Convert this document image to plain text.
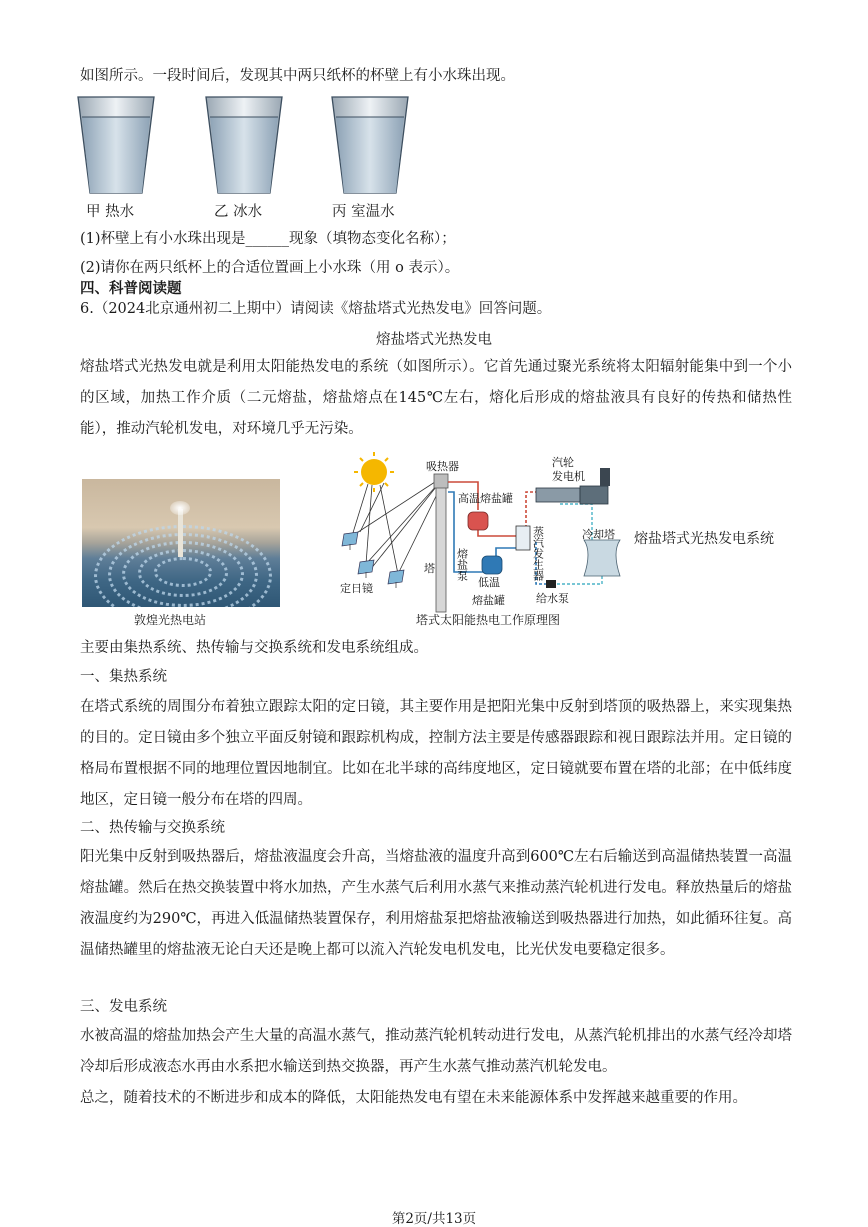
如图所示。一段时间后，发现其中两只纸杯的杯壁上有小水珠出现。
甲 热水	乙 冰水	丙 室温水
(1)杯壁上有小水珠出现是______现象（填物态变化名称）；
(2)请你在两只纸杯上的合适位置画上小水珠（用 o 表示）。
四、科普阅读题
6.（2024北京通州初二上期中）请阅读《熔盐塔式光热发电》回答问题。
熔盐塔式光热发电
熔盐塔式光热发电就是利用太阳能热发电的系统（如图所示）。它首先通过聚光系统将太阳辐射能集中到一个小的区域，加热工作介质（二元熔盐，熔盐熔点在145℃左右，熔化后形成的熔盐液具有良好的传热和储热性能），推动汽轮机发电，对环境几乎无污染。
敦煌光热电站
吸热器
高温熔盐罐
汽轮
发电机
蒸汽发生器	冷却塔
塔 熔盐泵
低温
熔盐罐	给水泵
定日镜
塔式太阳能热电工作原理图
熔盐塔式光热发电系统
主要由集热系统、热传输与交换系统和发电系统组成。
一、集热系统
在塔式系统的周围分布着独立跟踪太阳的定日镜，其主要作用是把阳光集中反射到塔顶的吸热器上，来实现集热的目的。定日镜由多个独立平面反射镜和跟踪机构成，控制方法主要是传感器跟踪和视日跟踪法并用。定日镜的格局布置根据不同的地理位置因地制宜。比如在北半球的高纬度地区，定日镜就要布置在塔的北部；在中低纬度地区，定日镜一般分布在塔的四周。
二、热传输与交换系统
阳光集中反射到吸热器后，熔盐液温度会升高，当熔盐液的温度升高到600℃左右后输送到高温储热装置一高温熔盐罐。然后在热交换装置中将水加热，产生水蒸气后利用水蒸气来推动蒸汽轮机进行发电。释放热量后的熔盐液温度约为290℃，再进入低温储热装置保存，利用熔盐泵把熔盐液输送到吸热器进行加热，如此循环往复。高温储热罐里的熔盐液无论白天还是晚上都可以流入汽轮发电机发电，比光伏发电要稳定很多。
三、发电系统
水被高温的熔盐加热会产生大量的高温水蒸气，推动蒸汽轮机转动进行发电，从蒸汽轮机排出的水蒸气经冷却塔冷却后形成液态水再由水系把水输送到热交换器，再产生水蒸气推动蒸汽机轮发电。
总之，随着技术的不断进步和成本的降低，太阳能热发电有望在未来能源体系中发挥越来越重要的作用。
第2页/共13页
